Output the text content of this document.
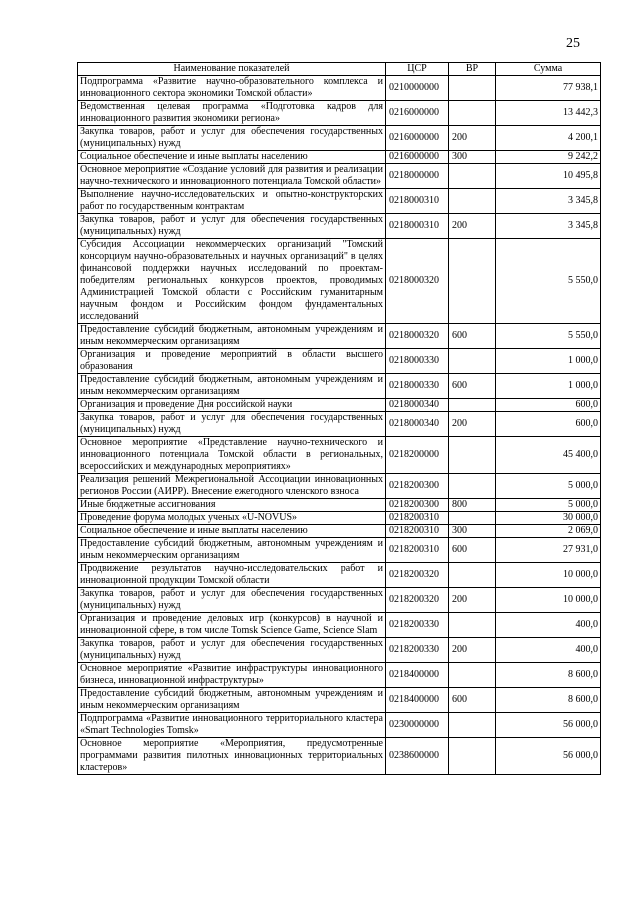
25
Наименование показателей	ЦСР	ВР	Сумма
Подпрограмма «Развитие научно-образовательного комплекса и инновационного сектора экономики Томской области»	0210000000		77 938,1
Ведомственная целевая программа «Подготовка кадров для инновационного развития экономики региона»	0216000000		13 442,3
Закупка товаров, работ и услуг для обеспечения государственных (муниципальных) нужд	0216000000	200	4 200,1
Социальное обеспечение и иные выплаты населению	0216000000	300	9 242,2
Основное мероприятие «Создание условий для развития и реализации научно-технического и инновационного потенциала Томской области»	0218000000		10 495,8
Выполнение научно-исследовательских и опытно-конструкторских работ по государственным контрактам	0218000310		3 345,8
Закупка товаров, работ и услуг для обеспечения государственных (муниципальных) нужд	0218000310	200	3 345,8
Субсидия Ассоциации некоммерческих организаций "Томский консорциум научно-образовательных и научных организаций" в целях финансовой поддержки научных исследований по проектам-победителям региональных конкурсов проектов, проводимых Администрацией Томской области с Российским гуманитарным научным фондом и Российским фондом фундаментальных исследований	0218000320		5 550,0
Предоставление субсидий бюджетным, автономным учреждениям и иным некоммерческим организациям	0218000320	600	5 550,0
Организация и проведение мероприятий в области высшего образования	0218000330		1 000,0
Предоставление субсидий бюджетным, автономным учреждениям и иным некоммерческим организациям	0218000330	600	1 000,0
Организация и проведение Дня российской науки	0218000340		600,0
Закупка товаров, работ и услуг для обеспечения государственных (муниципальных) нужд	0218000340	200	600,0
Основное мероприятие «Представление научно-технического и инновационного потенциала Томской области в региональных, всероссийских и международных мероприятиях»	0218200000		45 400,0
Реализация решений Межрегиональной Ассоциации инновационных регионов России (АИРР). Внесение ежегодного членского взноса	0218200300		5 000,0
Иные бюджетные ассигнования	0218200300	800	5 000,0
Проведение форума молодых ученых «U-NOVUS»	0218200310		30 000,0
Социальное обеспечение и иные выплаты населению	0218200310	300	2 069,0
Предоставление субсидий бюджетным, автономным учреждениям и иным некоммерческим организациям	0218200310	600	27 931,0
Продвижение результатов научно-исследовательских работ и инновационной продукции Томской области	0218200320		10 000,0
Закупка товаров, работ и услуг для обеспечения государственных (муниципальных) нужд	0218200320	200	10 000,0
Организация и проведение деловых игр (конкурсов) в научной и инновационной сфере, в том числе Tomsk Science Game, Science Slam	0218200330		400,0
Закупка товаров, работ и услуг для обеспечения государственных (муниципальных) нужд	0218200330	200	400,0
Основное мероприятие «Развитие инфраструктуры инновационного бизнеса, инновационной инфраструктуры»	0218400000		8 600,0
Предоставление субсидий бюджетным, автономным учреждениям и иным некоммерческим организациям	0218400000	600	8 600,0
Подпрограмма «Развитие инновационного территориального кластера «Smart Technologies Tomsk»	0230000000		56 000,0
Основное мероприятие «Мероприятия, предусмотренные программами развития пилотных инновационных территориальных кластеров»	0238600000		56 000,0
